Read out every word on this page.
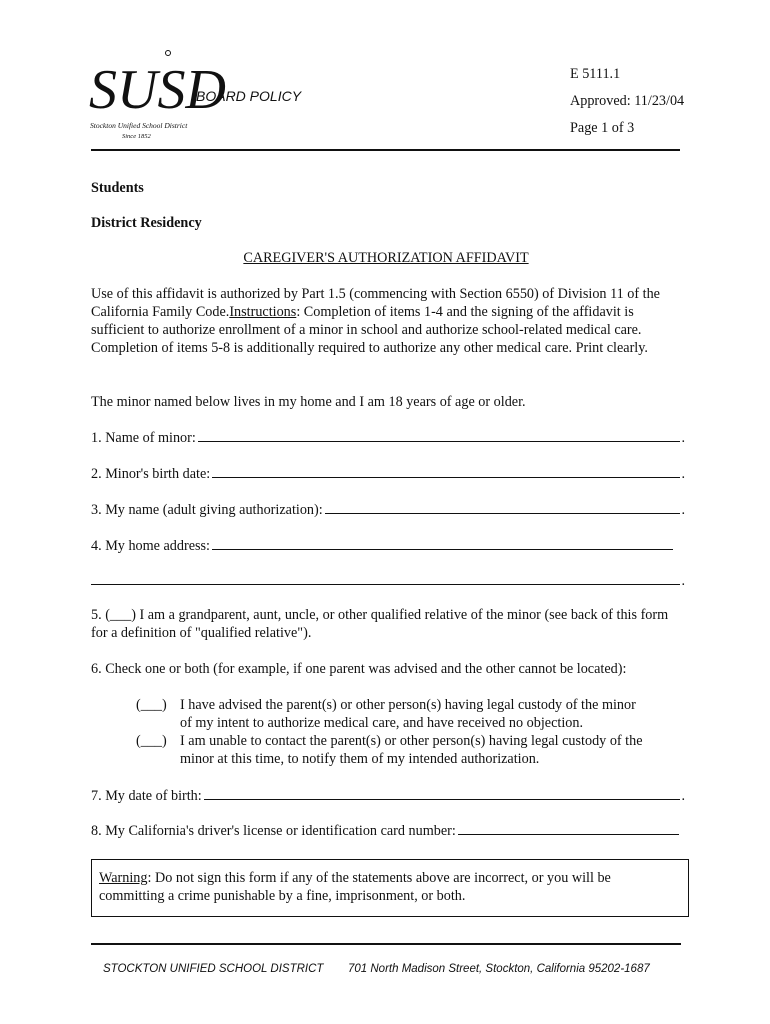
SUSD
Stockton Unified School District
Since 1852
BOARD POLICY
E 5111.1
Approved: 11/23/04
Page 1 of 3
Students
District Residency
CAREGIVER'S AUTHORIZATION AFFIDAVIT
Use of this affidavit is authorized by Part 1.5 (commencing with Section 6550) of Division 11 of the California Family Code.Instructions: Completion of items 1-4 and the signing of the affidavit is sufficient to authorize enrollment of a minor in school and authorize school-related medical care. Completion of items 5-8 is additionally required to authorize any other medical care. Print clearly.
The minor named below lives in my home and I am 18 years of age or older.
1. Name of minor:	.
2. Minor's birth date:	.
3. My name (adult giving authorization):	.
4. My home address:
.
5. (___) I am a grandparent, aunt, uncle, or other qualified relative of the minor (see back of this form for a definition of "qualified relative").
6. Check one or both (for example, if one parent was advised and the other cannot be located):
(___) I have advised the parent(s) or other person(s) having legal custody of the minor
of my intent to authorize medical care, and have received no objection.
(___) I am unable to contact the parent(s) or other person(s) having legal custody of the
minor at this time, to notify them of my intended authorization.
7. My date of birth:	.
8. My California's driver's license or identification card number:
Warning: Do not sign this form if any of the statements above are incorrect, or you will be committing a crime punishable by a fine, imprisonment, or both.
STOCKTON UNIFIED SCHOOL DISTRICT 701 North Madison Street, Stockton, California 95202-1687
